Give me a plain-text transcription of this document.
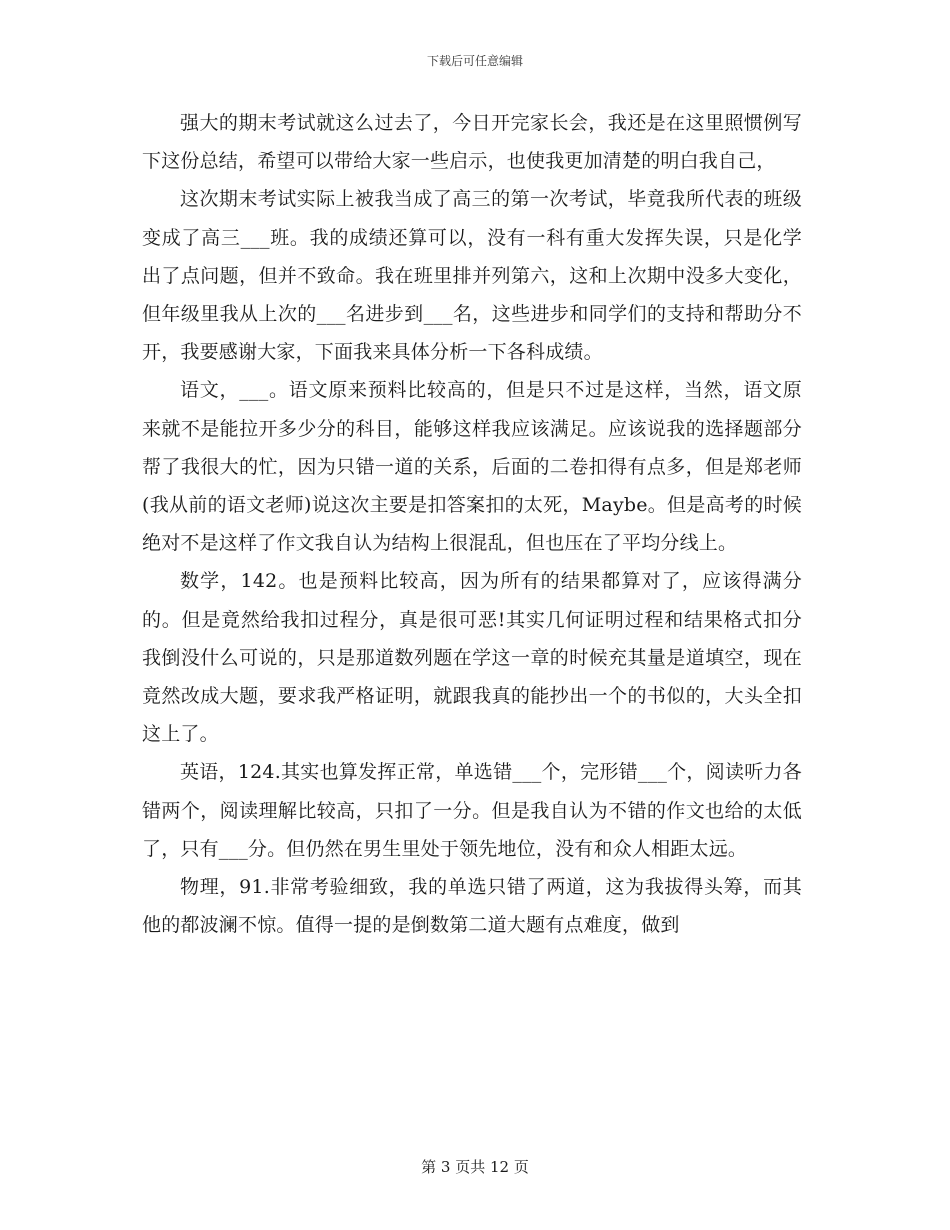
下载后可任意编辑

强大的期末考试就这么过去了，今日开完家长会，我还是在这里照惯例写下这份总结，希望可以带给大家一些启示，也使我更加清楚的明白我自己，

这次期末考试实际上被我当成了高三的第一次考试，毕竟我所代表的班级变成了高三___班。我的成绩还算可以，没有一科有重大发挥失误，只是化学出了点问题，但并不致命。我在班里排并列第六，这和上次期中没多大变化，但年级里我从上次的___名进步到___名，这些进步和同学们的支持和帮助分不开，我要感谢大家，下面我来具体分析一下各科成绩。

语文，___。语文原来预料比较高的，但是只不过是这样，当然，语文原来就不是能拉开多少分的科目，能够这样我应该满足。应该说我的选择题部分帮了我很大的忙，因为只错一道的关系，后面的二卷扣得有点多，但是郑老师(我从前的语文老师)说这次主要是扣答案扣的太死，Maybe。但是高考的时候绝对不是这样了作文我自认为结构上很混乱，但也压在了平均分线上。

数学，142。也是预料比较高，因为所有的结果都算对了，应该得满分的。但是竟然给我扣过程分，真是很可恶!其实几何证明过程和结果格式扣分我倒没什么可说的，只是那道数列题在学这一章的时候充其量是道填空，现在竟然改成大题，要求我严格证明，就跟我真的能抄出一个的书似的，大头全扣这上了。

英语，124.其实也算发挥正常，单选错___个，完形错___个，阅读听力各错两个，阅读理解比较高，只扣了一分。但是我自认为不错的作文也给的太低了，只有___分。但仍然在男生里处于领先地位，没有和众人相距太远。

物理，91.非常考验细致，我的单选只错了两道，这为我拔得头筹，而其他的都波澜不惊。值得一提的是倒数第二道大题有点难度，做到

第 3 页共 12 页
